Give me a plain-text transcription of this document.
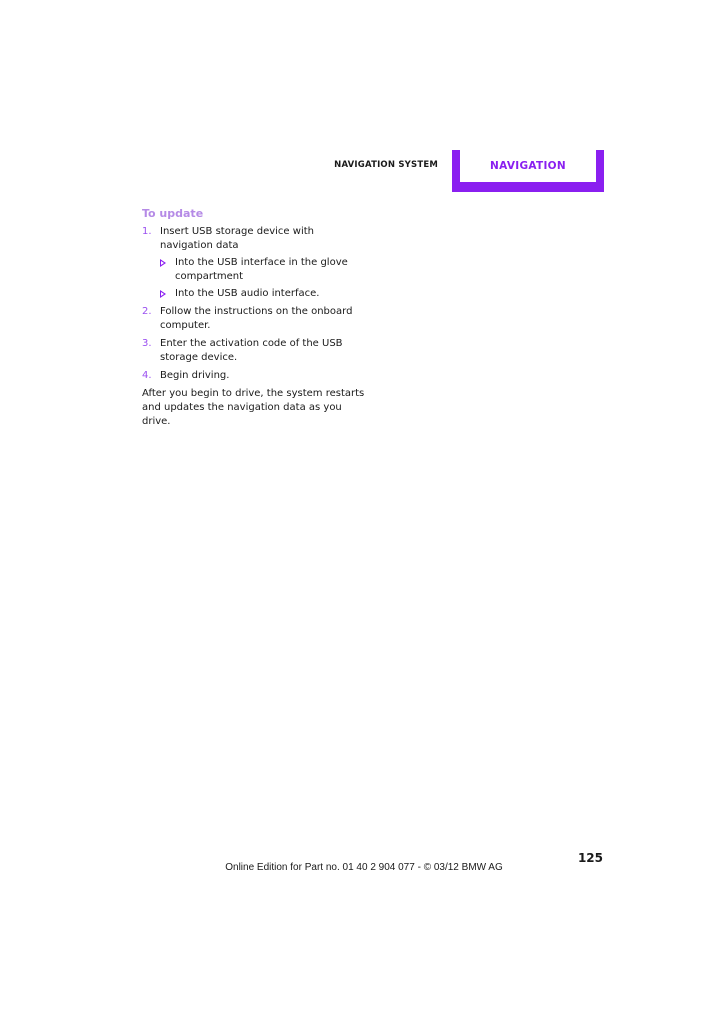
NAVIGATION SYSTEM	NAVIGATION
To update
1. Insert USB storage device with navigation data
Into the USB interface in the glove compartment
Into the USB audio interface.
2. Follow the instructions on the onboard computer.
3. Enter the activation code of the USB storage device.
4. Begin driving.
After you begin to drive, the system restarts and updates the navigation data as you drive.
125
Online Edition for Part no. 01 40 2 904 077 - © 03/12 BMW AG
